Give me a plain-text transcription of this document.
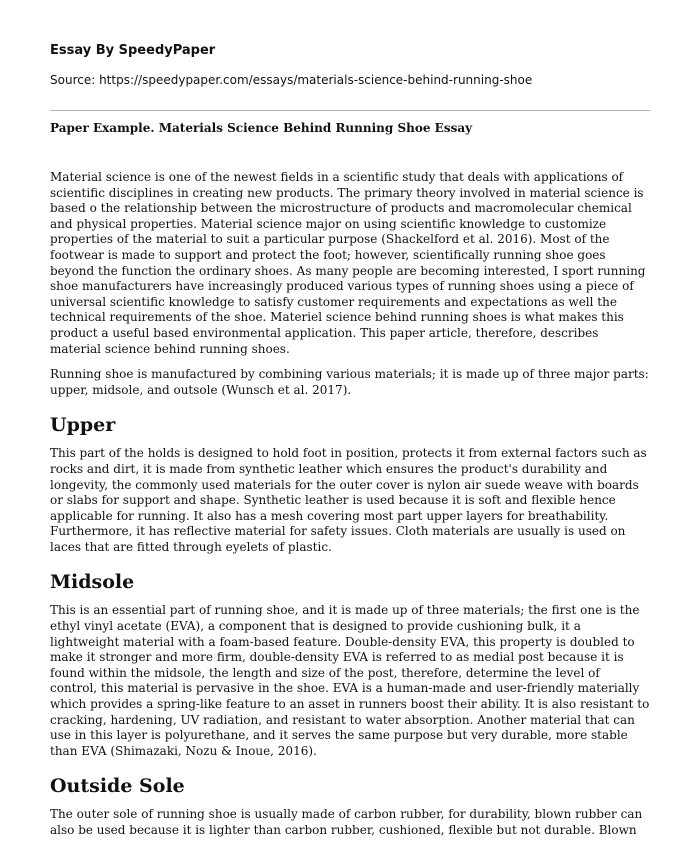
Essay By SpeedyPaper
Source: https://speedypaper.com/essays/materials-science-behind-running-shoe
Paper Example. Materials Science Behind Running Shoe Essay

Material science is one of the newest fields in a scientific study that deals with applications of scientific disciplines in creating new products. The primary theory involved in material science is based o the relationship between the microstructure of products and macromolecular chemical and physical properties. Material science major on using scientific knowledge to customize properties of the material to suit a particular purpose (Shackelford et al. 2016). Most of the footwear is made to support and protect the foot; however, scientifically running shoe goes beyond the function the ordinary shoes. As many people are becoming interested, I sport running shoe manufacturers have increasingly produced various types of running shoes using a piece of universal scientific knowledge to satisfy customer requirements and expectations as well the technical requirements of the shoe. Materiel science behind running shoes is what makes this product a useful based environmental application. This paper article, therefore, describes material science behind running shoes.

Running shoe is manufactured by combining various materials; it is made up of three major parts: upper, midsole, and outsole (Wunsch et al. 2017).

Upper

This part of the holds is designed to hold foot in position, protects it from external factors such as rocks and dirt, it is made from synthetic leather which ensures the product's durability and longevity, the commonly used materials for the outer cover is nylon air suede weave with boards or slabs for support and shape. Synthetic leather is used because it is soft and flexible hence applicable for running. It also has a mesh covering most part upper layers for breathability. Furthermore, it has reflective material for safety issues. Cloth materials are usually is used on laces that are fitted through eyelets of plastic.

Midsole

This is an essential part of running shoe, and it is made up of three materials; the first one is the ethyl vinyl acetate (EVA), a component that is designed to provide cushioning bulk, it a lightweight material with a foam-based feature. Double-density EVA, this property is doubled to make it stronger and more firm, double-density EVA is referred to as medial post because it is found within the midsole, the length and size of the post, therefore, determine the level of control, this material is pervasive in the shoe. EVA is a human-made and user-friendly materially which provides a spring-like feature to an asset in runners boost their ability. It is also resistant to cracking, hardening, UV radiation, and resistant to water absorption. Another material that can use in this layer is polyurethane, and it serves the same purpose but very durable, more stable than EVA (Shimazaki, Nozu & Inoue, 2016).

Outside Sole

The outer sole of running shoe is usually made of carbon rubber, for durability, blown rubber can also be used because it is lighter than carbon rubber, cushioned, flexible but not durable. Blown
